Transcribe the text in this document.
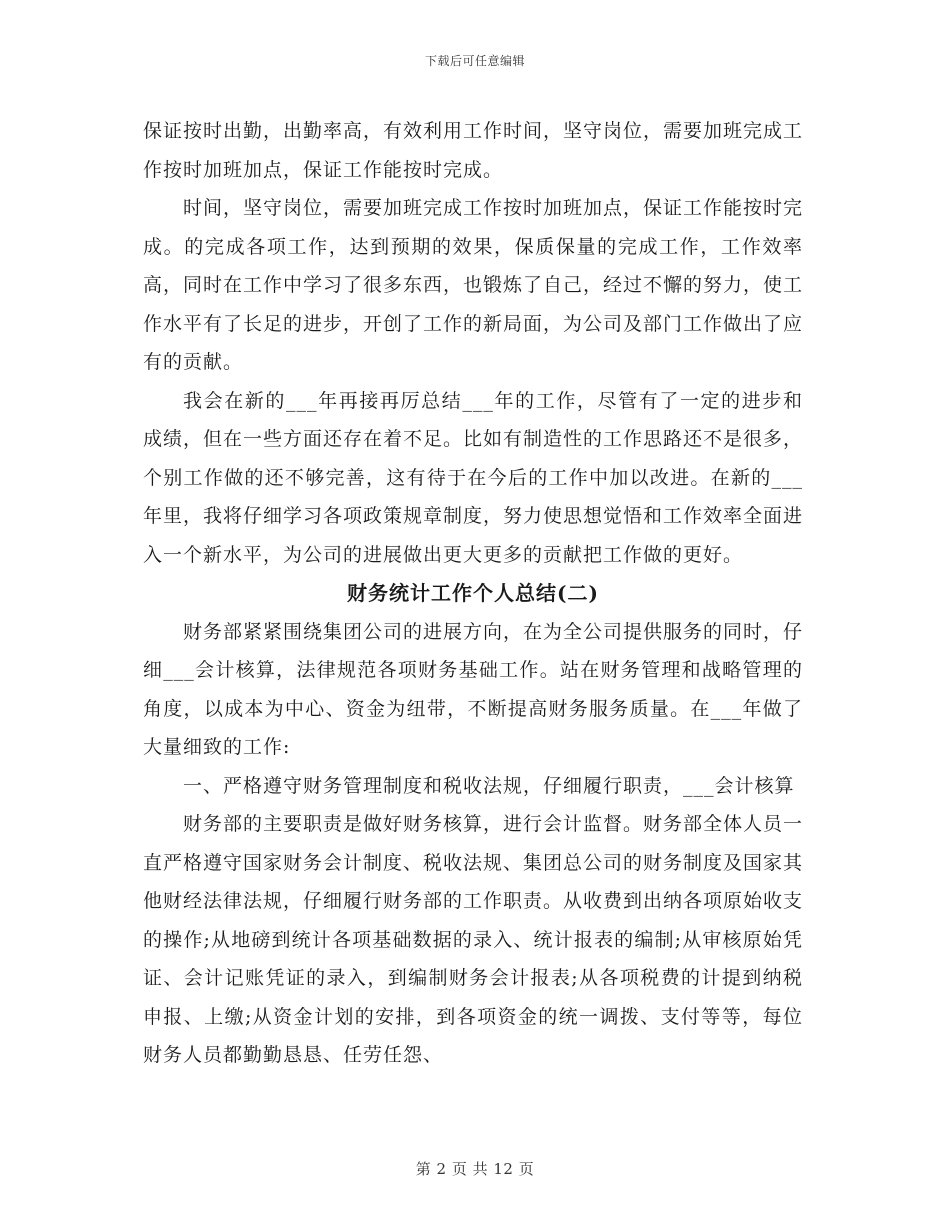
下载后可任意编辑

保证按时出勤，出勤率高，有效利用工作时间，坚守岗位，需要加班完成工作按时加班加点，保证工作能按时完成。

时间，坚守岗位，需要加班完成工作按时加班加点，保证工作能按时完成。的完成各项工作，达到预期的效果，保质保量的完成工作，工作效率高，同时在工作中学习了很多东西，也锻炼了自己，经过不懈的努力，使工作水平有了长足的进步，开创了工作的新局面，为公司及部门工作做出了应有的贡献。

我会在新的___年再接再厉总结___年的工作，尽管有了一定的进步和成绩，但在一些方面还存在着不足。比如有制造性的工作思路还不是很多，个别工作做的还不够完善，这有待于在今后的工作中加以改进。在新的___年里，我将仔细学习各项政策规章制度，努力使思想觉悟和工作效率全面进入一个新水平，为公司的进展做出更大更多的贡献把工作做的更好。

财务统计工作个人总结(二)

财务部紧紧围绕集团公司的进展方向，在为全公司提供服务的同时，仔细___会计核算，法律规范各项财务基础工作。站在财务管理和战略管理的角度，以成本为中心、资金为纽带，不断提高财务服务质量。在___年做了大量细致的工作:

一、严格遵守财务管理制度和税收法规，仔细履行职责，___会计核算

财务部的主要职责是做好财务核算，进行会计监督。财务部全体人员一直严格遵守国家财务会计制度、税收法规、集团总公司的财务制度及国家其他财经法律法规，仔细履行财务部的工作职责。从收费到出纳各项原始收支的操作;从地磅到统计各项基础数据的录入、统计报表的编制;从审核原始凭证、会计记账凭证的录入，到编制财务会计报表;从各项税费的计提到纳税申报、上缴;从资金计划的安排，到各项资金的统一调拨、支付等等，每位财务人员都勤勤恳恳、任劳任怨、

第 2 页 共 12 页
